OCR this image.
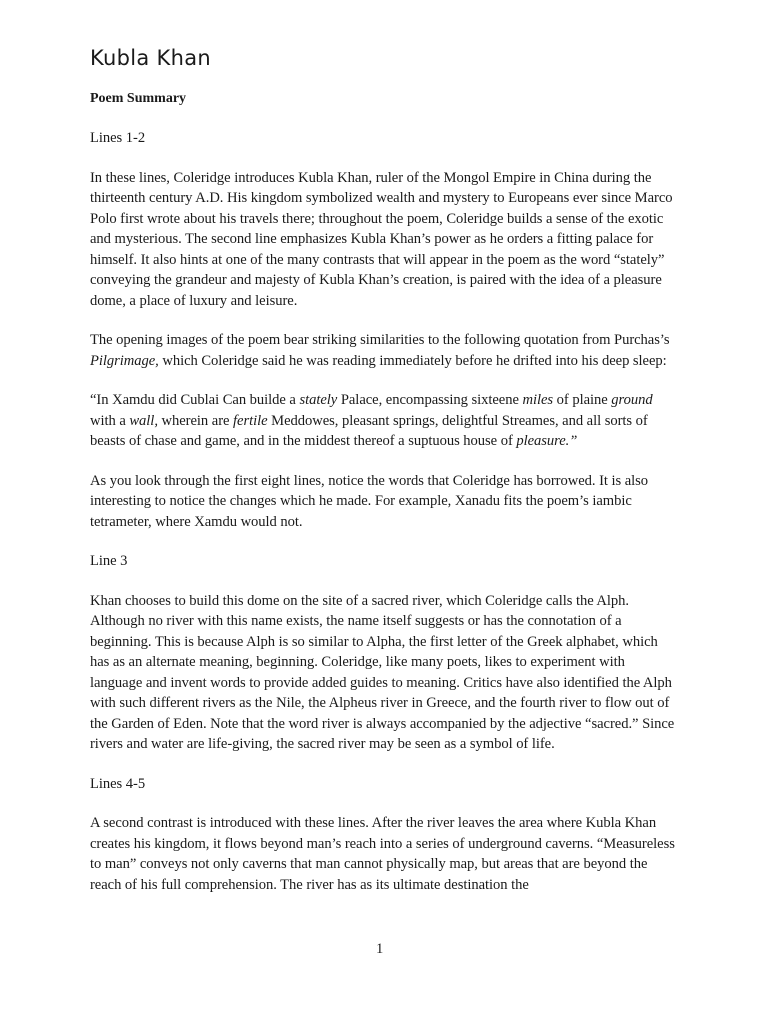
Kubla Khan

Poem Summary

Lines 1-2

In these lines, Coleridge introduces Kubla Khan, ruler of the Mongol Empire in China during the thirteenth century A.D. His kingdom symbolized wealth and mystery to Europeans ever since Marco Polo first wrote about his travels there; throughout the poem, Coleridge builds a sense of the exotic and mysterious. The second line emphasizes Kubla Khan’s power as he orders a fitting palace for himself. It also hints at one of the many contrasts that will appear in the poem as the word “stately” conveying the grandeur and majesty of Kubla Khan’s creation, is paired with the idea of a pleasure dome, a place of luxury and leisure.

The opening images of the poem bear striking similarities to the following quotation from Purchas’s Pilgrimage, which Coleridge said he was reading immediately before he drifted into his deep sleep:

“In Xamdu did Cublai Can builde a stately Palace, encompassing sixteene miles of plaine ground with a wall, wherein are fertile Meddowes, pleasant springs, delightful Streames, and all sorts of beasts of chase and game, and in the middest thereof a suptuous house of pleasure.”

As you look through the first eight lines, notice the words that Coleridge has borrowed. It is also interesting to notice the changes which he made. For example, Xanadu fits the poem’s iambic tetrameter, where Xamdu would not.

Line 3

Khan chooses to build this dome on the site of a sacred river, which Coleridge calls the Alph. Although no river with this name exists, the name itself suggests or has the connotation of a beginning. This is because Alph is so similar to Alpha, the first letter of the Greek alphabet, which has as an alternate meaning, beginning. Coleridge, like many poets, likes to experiment with language and invent words to provide added guides to meaning. Critics have also identified the Alph with such different rivers as the Nile, the Alpheus river in Greece, and the fourth river to flow out of the Garden of Eden. Note that the word river is always accompanied by the adjective “sacred.” Since rivers and water are life-giving, the sacred river may be seen as a symbol of life.

Lines 4-5

A second contrast is introduced with these lines. After the river leaves the area where Kubla Khan creates his kingdom, it flows beyond man’s reach into a series of underground caverns. “Measureless to man” conveys not only caverns that man cannot physically map, but areas that are beyond the reach of his full comprehension. The river has as its ultimate destination the

1
